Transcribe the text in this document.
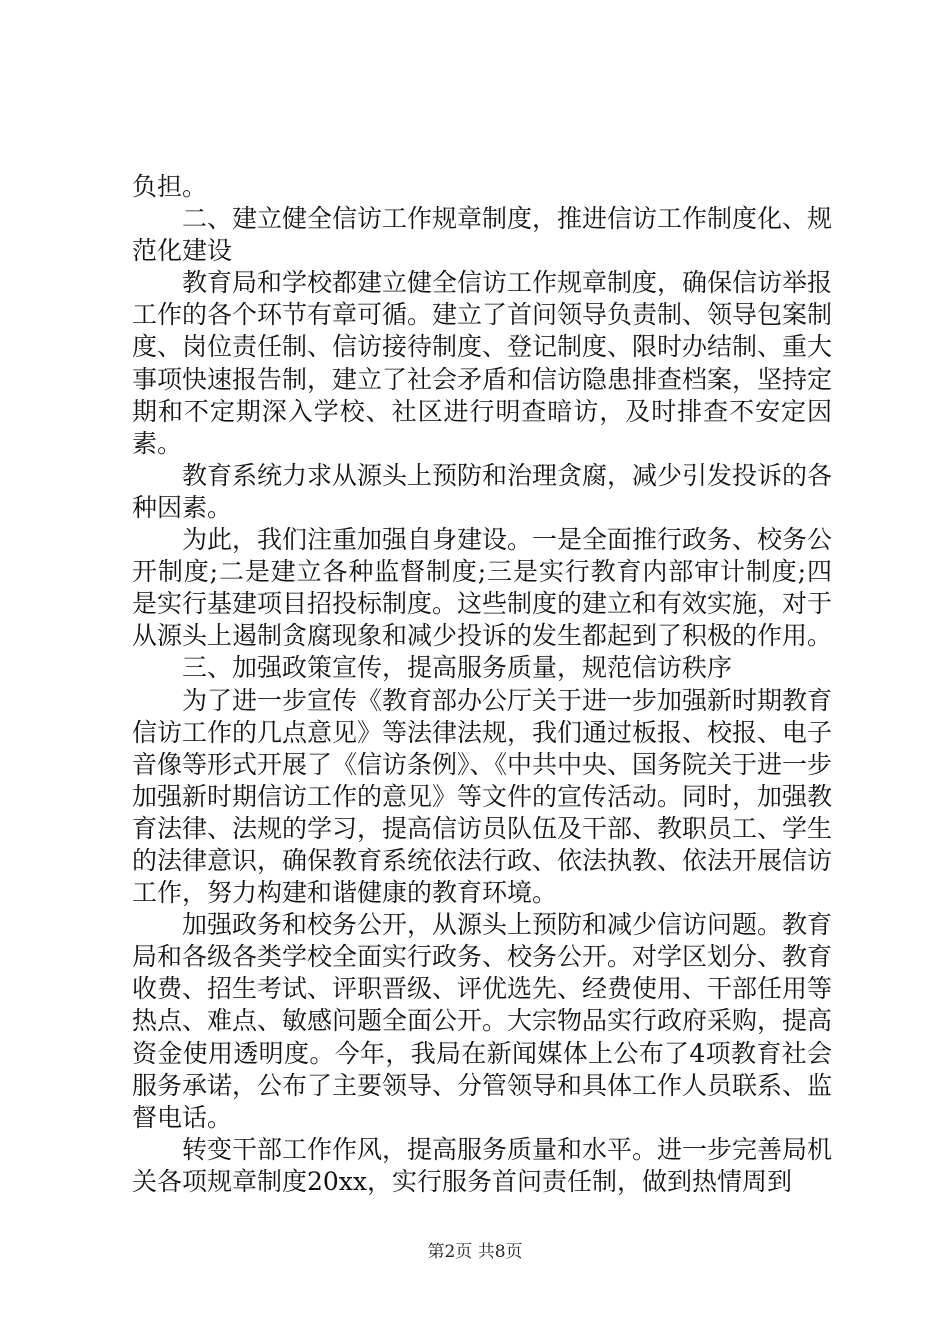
负担。

二、建立健全信访工作规章制度，推进信访工作制度化、规范化建设

教育局和学校都建立健全信访工作规章制度，确保信访举报工作的各个环节有章可循。建立了首问领导负责制、领导包案制度、岗位责任制、信访接待制度、登记制度、限时办结制、重大事项快速报告制，建立了社会矛盾和信访隐患排查档案，坚持定期和不定期深入学校、社区进行明查暗访，及时排查不安定因素。

教育系统力求从源头上预防和治理贪腐，减少引发投诉的各种因素。

为此，我们注重加强自身建设。一是全面推行政务、校务公开制度;二是建立各种监督制度;三是实行教育内部审计制度;四是实行基建项目招投标制度。这些制度的建立和有效实施，对于从源头上遏制贪腐现象和减少投诉的发生都起到了积极的作用。

三、加强政策宣传，提高服务质量，规范信访秩序

为了进一步宣传《教育部办公厅关于进一步加强新时期教育信访工作的几点意见》等法律法规，我们通过板报、校报、电子音像等形式开展了《信访条例》、《中共中央、国务院关于进一步加强新时期信访工作的意见》等文件的宣传活动。同时，加强教育法律、法规的学习，提高信访员队伍及干部、教职员工、学生的法律意识，确保教育系统依法行政、依法执教、依法开展信访工作，努力构建和谐健康的教育环境。

加强政务和校务公开，从源头上预防和减少信访问题。教育局和各级各类学校全面实行政务、校务公开。对学区划分、教育收费、招生考试、评职晋级、评优选先、经费使用、干部任用等热点、难点、敏感问题全面公开。大宗物品实行政府采购，提高资金使用透明度。今年，我局在新闻媒体上公布了4项教育社会服务承诺，公布了主要领导、分管领导和具体工作人员联系、监督电话。

转变干部工作作风，提高服务质量和水平。进一步完善局机关各项规章制度20xx，实行服务首问责任制，做到热情周到

第2页 共8页
